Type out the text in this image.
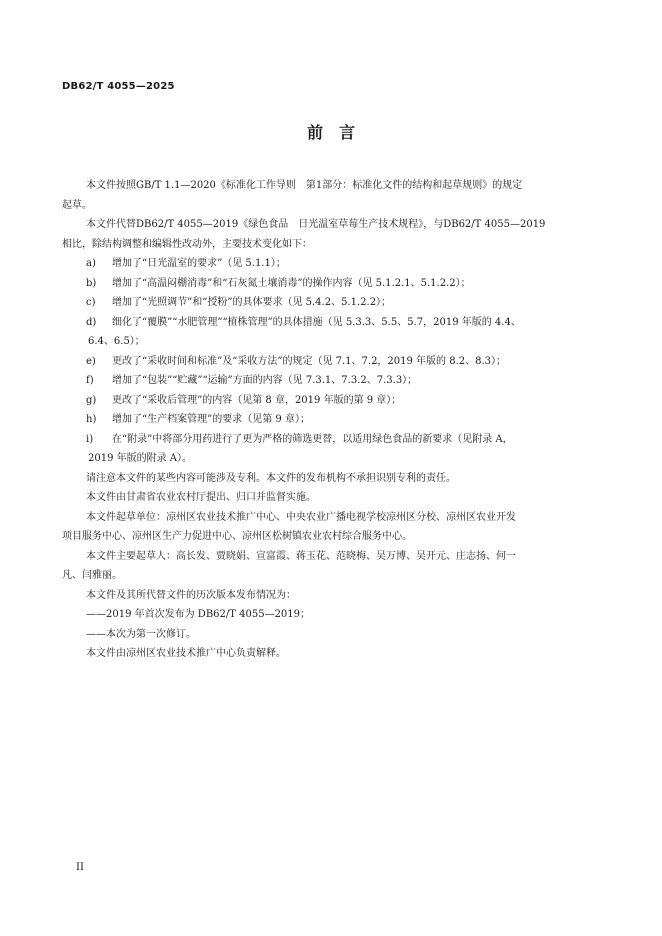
DB62/T 4055—2025
前　言
本文件按照GB/T 1.1—2020《标准化工作导则　第1部分：标准化文件的结构和起草规则》的规定
起草。
本文件代替DB62/T 4055—2019《绿色食品　日光温室草莓生产技术规程》，与DB62/T 4055—2019
相比，除结构调整和编辑性改动外，主要技术变化如下：
a)	增加了“日光温室的要求”（见 5.1.1）；
b)	增加了“高温闷棚消毒”和“石灰氮土壤消毒”的操作内容（见 5.1.2.1、5.1.2.2）；
c)	增加了“光照调节”和“授粉”的具体要求（见 5.4.2、5.1.2.2）；
d)	细化了“覆膜”“水肥管理”“植株管理”的具体措施（见 5.3.3、5.5、5.7，2019 年版的 4.4、
6.4、6.5）；
e)	更改了“采收时间和标准”及“采收方法”的规定（见 7.1、7.2，2019 年版的 8.2、8.3）；
f)	增加了“包装”“贮藏”“运输”方面的内容（见 7.3.1、7.3.2、7.3.3）；
g)	更改了“采收后管理”的内容（见第 8 章，2019 年版的第 9 章）；
h)	增加了“生产档案管理”的要求（见第 9 章）；
i)	在“附录”中将部分用药进行了更为严格的筛选更替，以适用绿色食品的新要求（见附录 A，
2019 年版的附录 A）。
请注意本文件的某些内容可能涉及专利。本文件的发布机构不承担识别专利的责任。
本文件由甘肃省农业农村厅提出、归口并监督实施。
本文件起草单位：凉州区农业技术推广中心、中央农业广播电视学校凉州区分校、凉州区农业开发
项目服务中心、凉州区生产力促进中心、凉州区松树镇农业农村综合服务中心。
本文件主要起草人：高长发、贾晓娟、宣富霞、蒋玉花、范晓梅、吴万博、吴开元、庄志扬、何一
凡、闫雅丽。
本文件及其所代替文件的历次版本发布情况为：
——2019 年首次发布为 DB62/T 4055—2019；
——本次为第一次修订。
本文件由凉州区农业技术推广中心负责解释。
II
